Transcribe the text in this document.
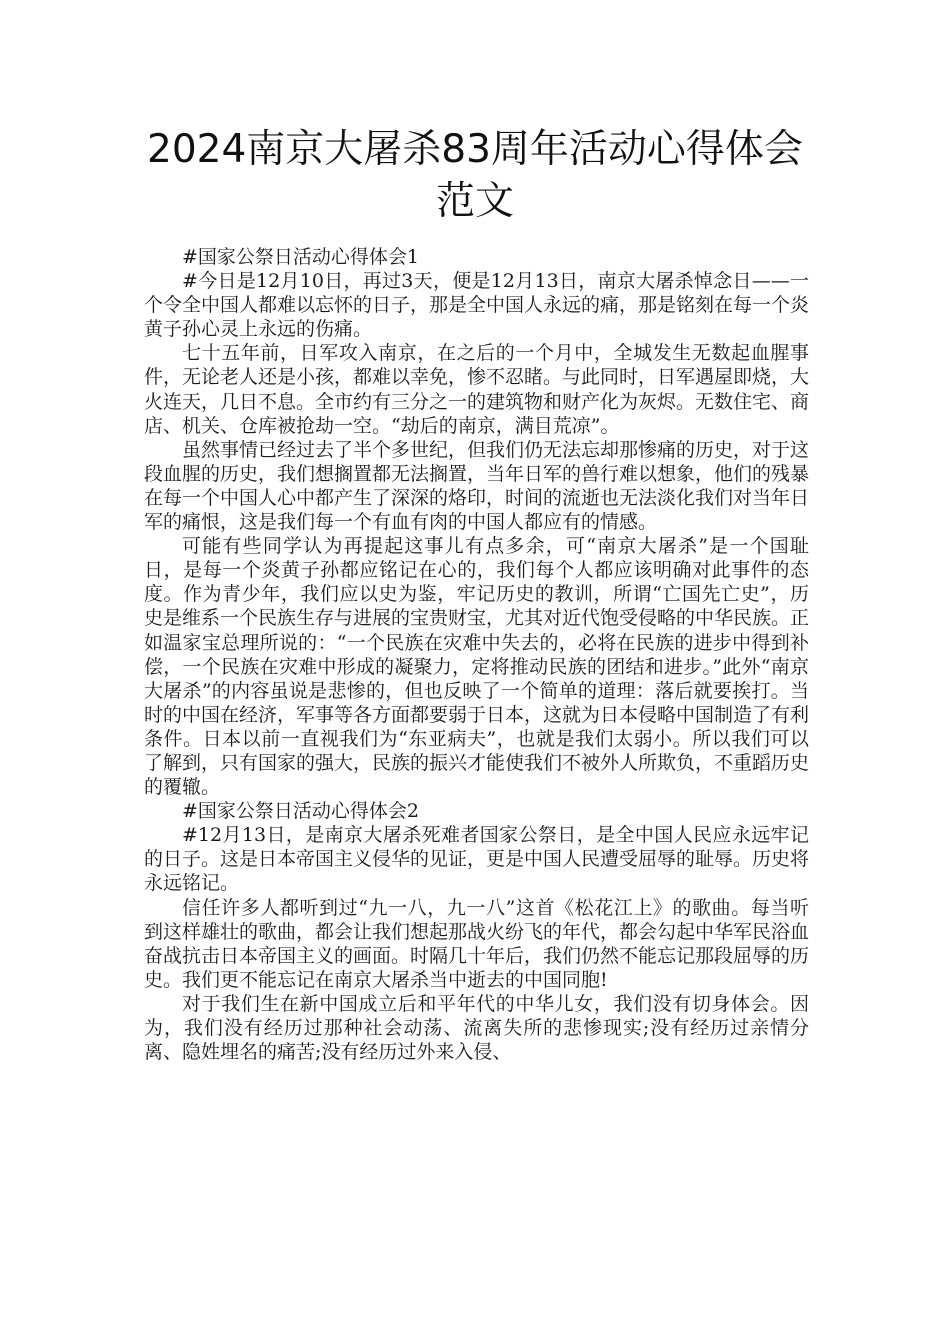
2024南京大屠杀83周年活动心得体会
范文

#国家公祭日活动心得体会1

#今日是12月10日，再过3天，便是12月13日，南京大屠杀悼念日——一个令全中国人都难以忘怀的日子，那是全中国人永远的痛，那是铭刻在每一个炎黄子孙心灵上永远的伤痛。

七十五年前，日军攻入南京，在之后的一个月中，全城发生无数起血腥事件，无论老人还是小孩，都难以幸免，惨不忍睹。与此同时，日军遇屋即烧，大火连天，几日不息。全市约有三分之一的建筑物和财产化为灰烬。无数住宅、商店、机关、仓库被抢劫一空。“劫后的南京，满目荒凉”。

虽然事情已经过去了半个多世纪，但我们仍无法忘却那惨痛的历史，对于这段血腥的历史，我们想搁置都无法搁置，当年日军的兽行难以想象，他们的残暴在每一个中国人心中都产生了深深的烙印，时间的流逝也无法淡化我们对当年日军的痛恨，这是我们每一个有血有肉的中国人都应有的情感。

可能有些同学认为再提起这事儿有点多余，可“南京大屠杀”是一个国耻日，是每一个炎黄子孙都应铭记在心的，我们每个人都应该明确对此事件的态度。作为青少年，我们应以史为鉴，牢记历史的教训，所谓“亡国先亡史”，历史是维系一个民族生存与进展的宝贵财宝，尤其对近代饱受侵略的中华民族。正如温家宝总理所说的：“一个民族在灾难中失去的，必将在民族的进步中得到补偿，一个民族在灾难中形成的凝聚力，定将推动民族的团结和进步。”此外“南京大屠杀”的内容虽说是悲惨的，但也反映了一个简单的道理：落后就要挨打。当时的中国在经济，军事等各方面都要弱于日本，这就为日本侵略中国制造了有利条件。日本以前一直视我们为“东亚病夫”，也就是我们太弱小。所以我们可以了解到，只有国家的强大，民族的振兴才能使我们不被外人所欺负，不重蹈历史的覆辙。

#国家公祭日活动心得体会2

#12月13日，是南京大屠杀死难者国家公祭日，是全中国人民应永远牢记的日子。这是日本帝国主义侵华的见证，更是中国人民遭受屈辱的耻辱。历史将永远铭记。

信任许多人都听到过“九一八，九一八”这首《松花江上》的歌曲。每当听到这样雄壮的歌曲，都会让我们想起那战火纷飞的年代，都会勾起中华军民浴血奋战抗击日本帝国主义的画面。时隔几十年后，我们仍然不能忘记那段屈辱的历史。我们更不能忘记在南京大屠杀当中逝去的中国同胞!

对于我们生在新中国成立后和平年代的中华儿女，我们没有切身体会。因为，我们没有经历过那种社会动荡、流离失所的悲惨现实;没有经历过亲情分离、隐姓埋名的痛苦;没有经历过外来入侵、
